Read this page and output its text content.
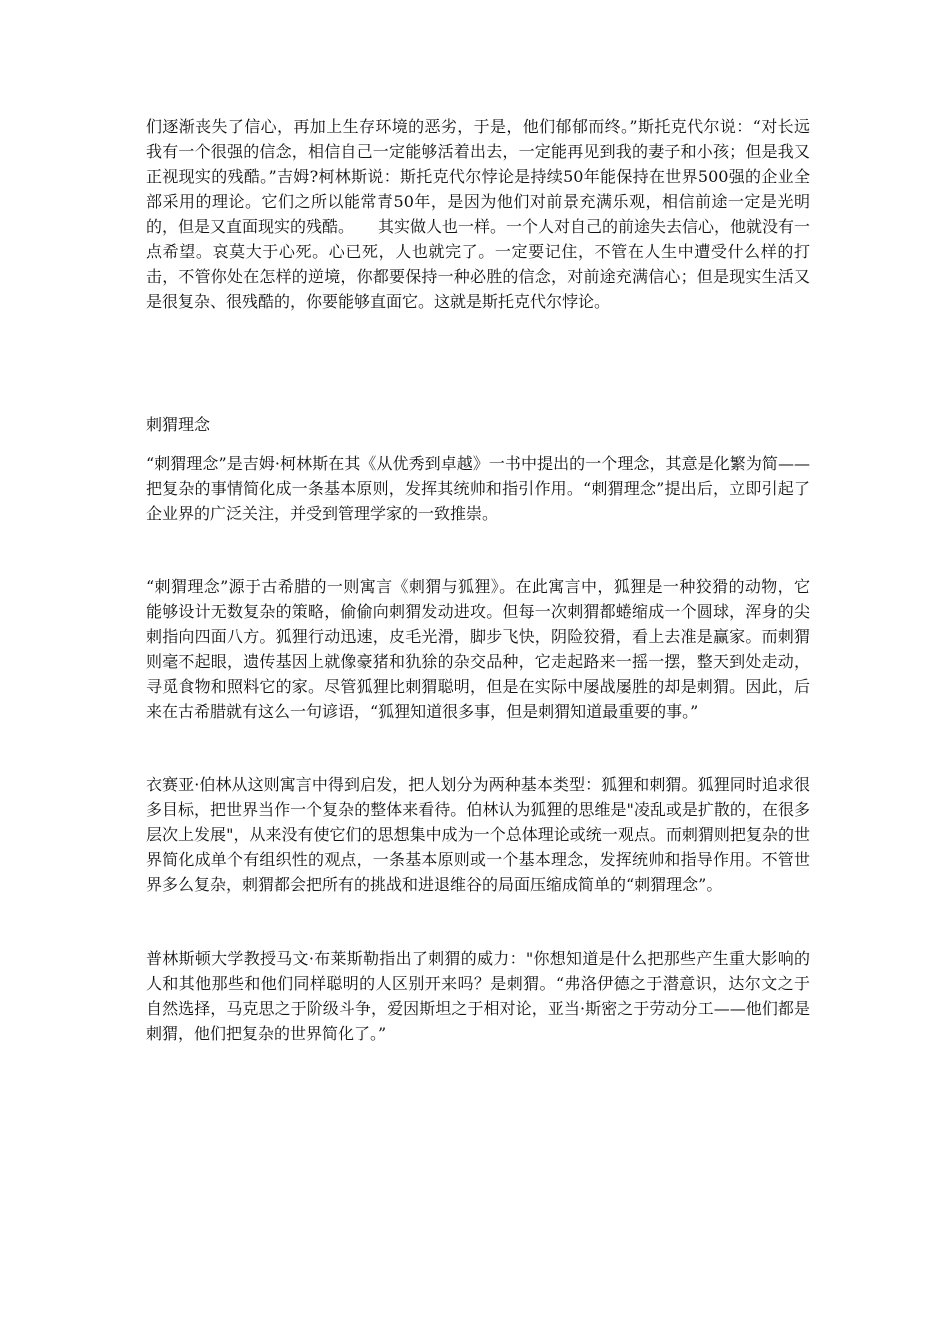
们逐渐丧失了信心，再加上生存环境的恶劣，于是，他们郁郁而终。”斯托克代尔说：“对长远我有一个很强的信念，相信自己一定能够活着出去，一定能再见到我的妻子和小孩；但是我又正视现实的残酷。”吉姆?柯林斯说：斯托克代尔悖论是持续50年能保持在世界500强的企业全部采用的理论。它们之所以能常青50年，是因为他们对前景充满乐观，相信前途一定是光明的，但是又直面现实的残酷。　　其实做人也一样。一个人对自己的前途失去信心，他就没有一点希望。哀莫大于心死。心已死，人也就完了。一定要记住，不管在人生中遭受什么样的打击，不管你处在怎样的逆境，你都要保持一种必胜的信念，对前途充满信心；但是现实生活又是很复杂、很残酷的，你要能够直面它。这就是斯托克代尔悖论。

刺猬理念

“刺猬理念”是吉姆·柯林斯在其《从优秀到卓越》一书中提出的一个理念，其意是化繁为简——把复杂的事情简化成一条基本原则，发挥其统帅和指引作用。“刺猬理念”提出后，立即引起了企业界的广泛关注，并受到管理学家的一致推崇。

“刺猬理念”源于古希腊的一则寓言《刺猬与狐狸》。在此寓言中，狐狸是一种狡猾的动物，它能够设计无数复杂的策略，偷偷向刺猬发动进攻。但每一次刺猬都蜷缩成一个圆球，浑身的尖刺指向四面八方。狐狸行动迅速，皮毛光滑，脚步飞快，阴险狡猾，看上去准是赢家。而刺猬则毫不起眼，遗传基因上就像豪猪和犰狳的杂交品种，它走起路来一摇一摆，整天到处走动，寻觅食物和照料它的家。尽管狐狸比刺猬聪明，但是在实际中屡战屡胜的却是刺猬。因此，后来在古希腊就有这么一句谚语，“狐狸知道很多事，但是刺猬知道最重要的事。”

衣赛亚·伯林从这则寓言中得到启发，把人划分为两种基本类型：狐狸和刺猬。狐狸同时追求很多目标，把世界当作一个复杂的整体来看待。伯林认为狐狸的思维是"凌乱或是扩散的，在很多层次上发展"，从来没有使它们的思想集中成为一个总体理论或统一观点。而刺猬则把复杂的世界简化成单个有组织性的观点，一条基本原则或一个基本理念，发挥统帅和指导作用。不管世界多么复杂，刺猬都会把所有的挑战和进退维谷的局面压缩成简单的“刺猬理念”。

普林斯顿大学教授马文·布莱斯勒指出了刺猬的威力："你想知道是什么把那些产生重大影响的人和其他那些和他们同样聪明的人区别开来吗？是刺猬。“弗洛伊德之于潜意识，达尔文之于自然选择，马克思之于阶级斗争，爱因斯坦之于相对论，亚当·斯密之于劳动分工——他们都是刺猬，他们把复杂的世界简化了。”
